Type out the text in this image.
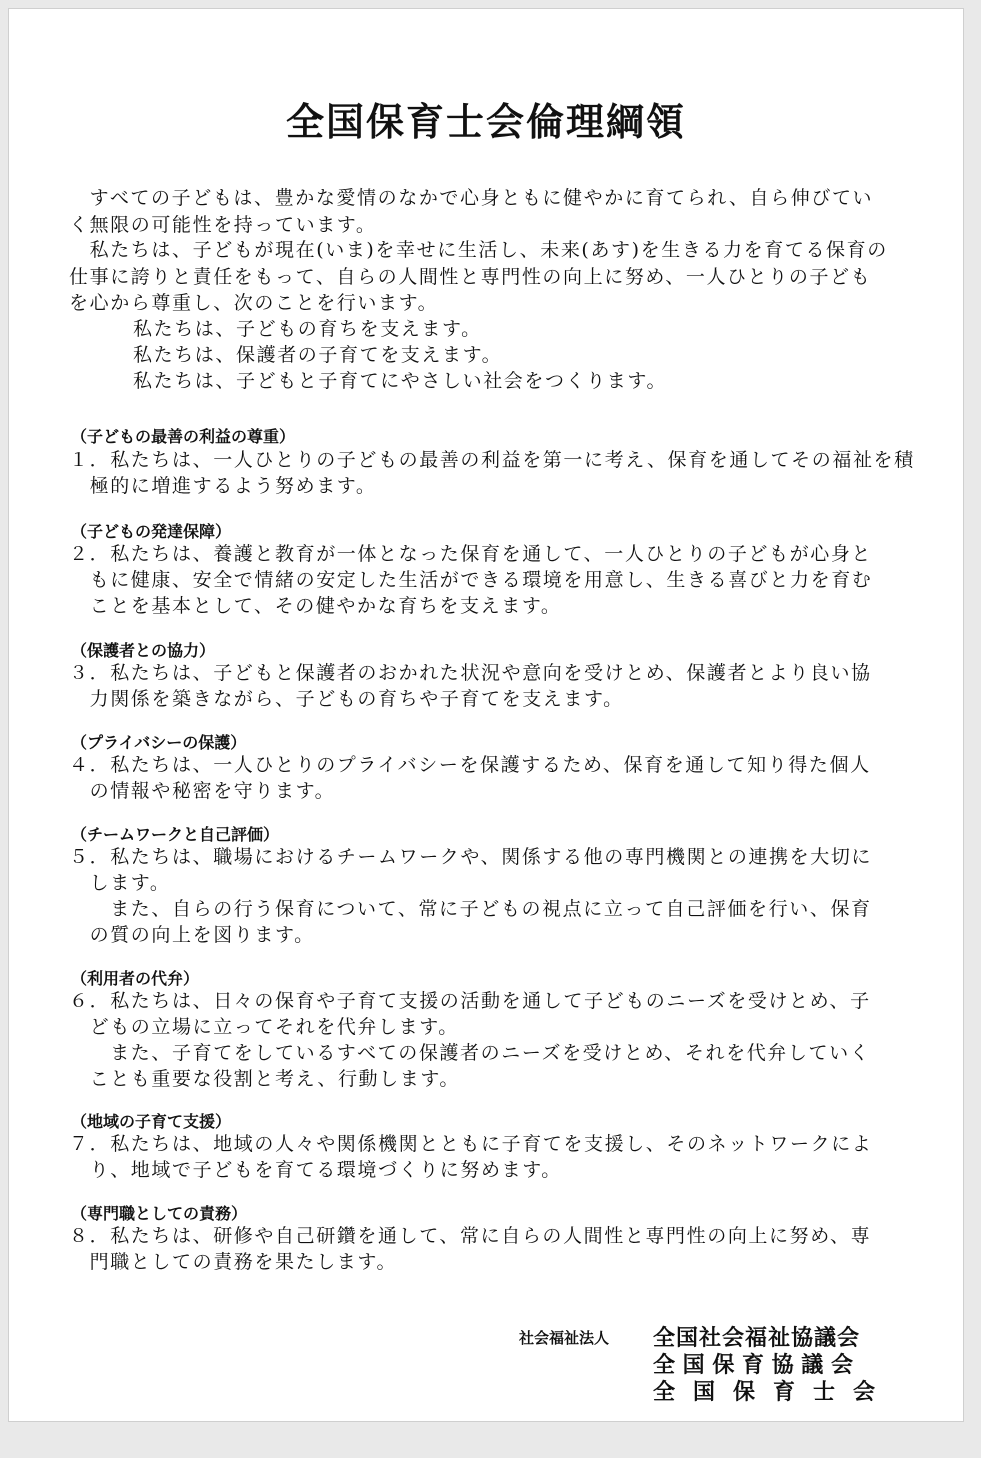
全国保育士会倫理綱領
　すべての子どもは、豊かな愛情のなかで心身ともに健やかに育てられ、自ら伸びてい
く無限の可能性を持っています。
　私たちは、子どもが現在(いま)を幸せに生活し、未来(あす)を生きる力を育てる保育の
仕事に誇りと責任をもって、自らの人間性と専門性の向上に努め、一人ひとりの子ども
を心から尊重し、次のことを行います。
私たちは、子どもの育ちを支えます。
私たちは、保護者の子育てを支えます。
私たちは、子どもと子育てにやさしい社会をつくります。
（子どもの最善の利益の尊重）
１．私たちは、一人ひとりの子どもの最善の利益を第一に考え、保育を通してその福祉を積
　極的に増進するよう努めます。
（子どもの発達保障）
２．私たちは、養護と教育が一体となった保育を通して、一人ひとりの子どもが心身と
　もに健康、安全で情緒の安定した生活ができる環境を用意し、生きる喜びと力を育む
　ことを基本として、その健やかな育ちを支えます。
（保護者との協力）
３．私たちは、子どもと保護者のおかれた状況や意向を受けとめ、保護者とより良い協
　力関係を築きながら、子どもの育ちや子育てを支えます。
（プライバシーの保護）
４．私たちは、一人ひとりのプライバシーを保護するため、保育を通して知り得た個人
　の情報や秘密を守ります。
（チームワークと自己評価）
５．私たちは、職場におけるチームワークや、関係する他の専門機関との連携を大切に
　します。
　　また、自らの行う保育について、常に子どもの視点に立って自己評価を行い、保育
　の質の向上を図ります。
（利用者の代弁）
６．私たちは、日々の保育や子育て支援の活動を通して子どものニーズを受けとめ、子
　どもの立場に立ってそれを代弁します。
　　また、子育てをしているすべての保護者のニーズを受けとめ、それを代弁していく
　ことも重要な役割と考え、行動します。
（地域の子育て支援）
７．私たちは、地域の人々や関係機関とともに子育てを支援し、そのネットワークによ
　り、地域で子どもを育てる環境づくりに努めます。
（専門職としての責務）
８．私たちは、研修や自己研鑽を通して、常に自らの人間性と専門性の向上に努め、専
　門職としての責務を果たします。
社会福祉法人 全国社会福祉協議会
全 国 保 育 協 議 会
全　国　保　育　士　会
